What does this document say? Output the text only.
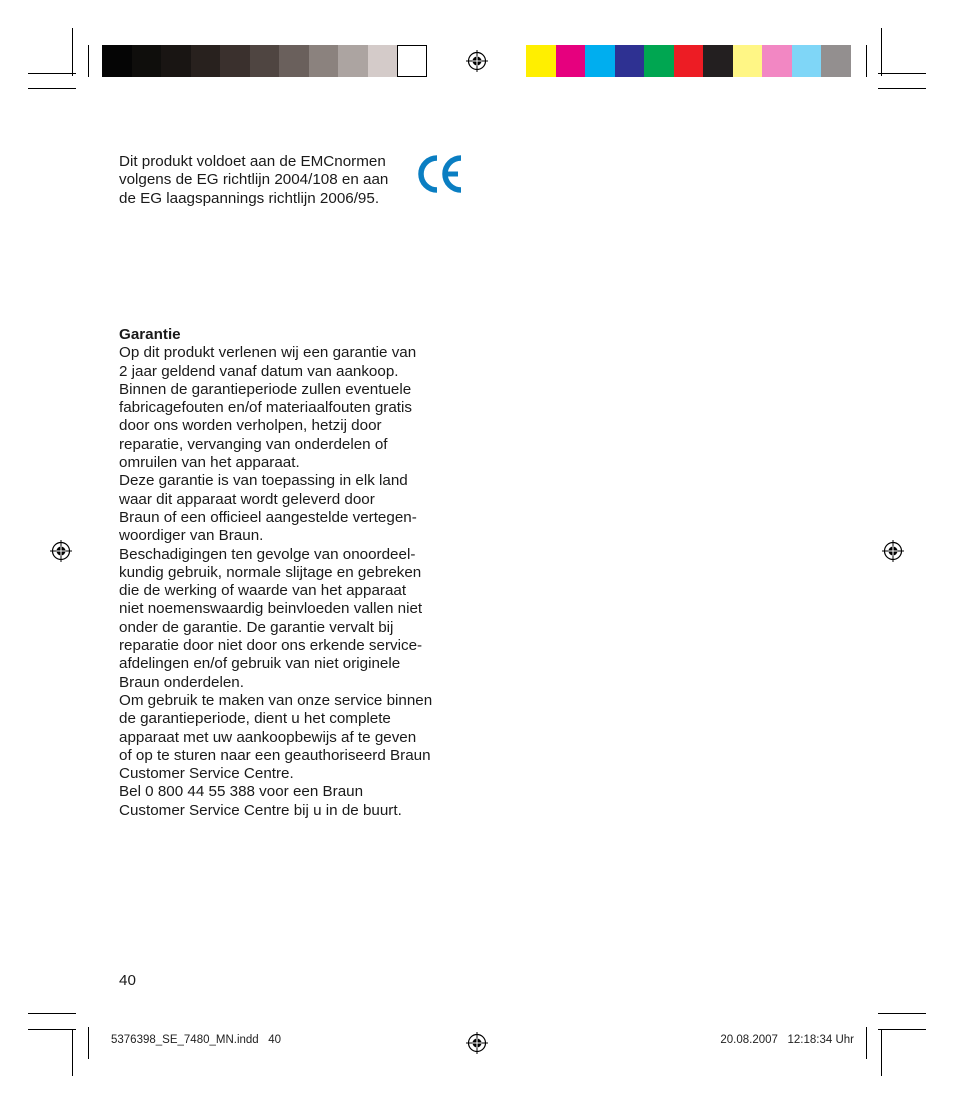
Dit produkt voldoet aan de EMCnormen
volgens de EG richtlijn 2004/108 en aan
de EG laagspannings richtlijn 2006/95.
Garantie

Op dit produkt verlenen wij een garantie van

2 jaar geldend vanaf datum van aankoop.

Binnen de garantieperiode zullen eventuele

fabricagefouten en/of materiaalfouten gratis

door ons worden verholpen, hetzij door

reparatie, vervanging van onderdelen of

omruilen van het apparaat.

Deze garantie is van toepassing in elk land

waar dit apparaat wordt geleverd door

Braun of een officieel aangestelde vertegen-

woordiger van Braun.

Beschadigingen ten gevolge van onoordeel-

kundig gebruik, normale slijtage en gebreken

die de werking of waarde van het apparaat

niet noemenswaardig beinvloeden vallen niet

onder de garantie. De garantie vervalt bij

reparatie door niet door ons erkende service-

afdelingen en/of gebruik van niet originele

Braun onderdelen.

Om gebruik te maken van onze service binnen

de garantieperiode, dient u het complete

apparaat met uw aankoopbewijs af te geven

of op te sturen naar een geauthoriseerd Braun

Customer Service Centre.

Bel 0 800 44 55 388 voor een Braun

Customer Service Centre bij u in de buurt.

40
5376398_SE_7480_MN.indd   40	20.08.2007   12:18:34 Uhr
